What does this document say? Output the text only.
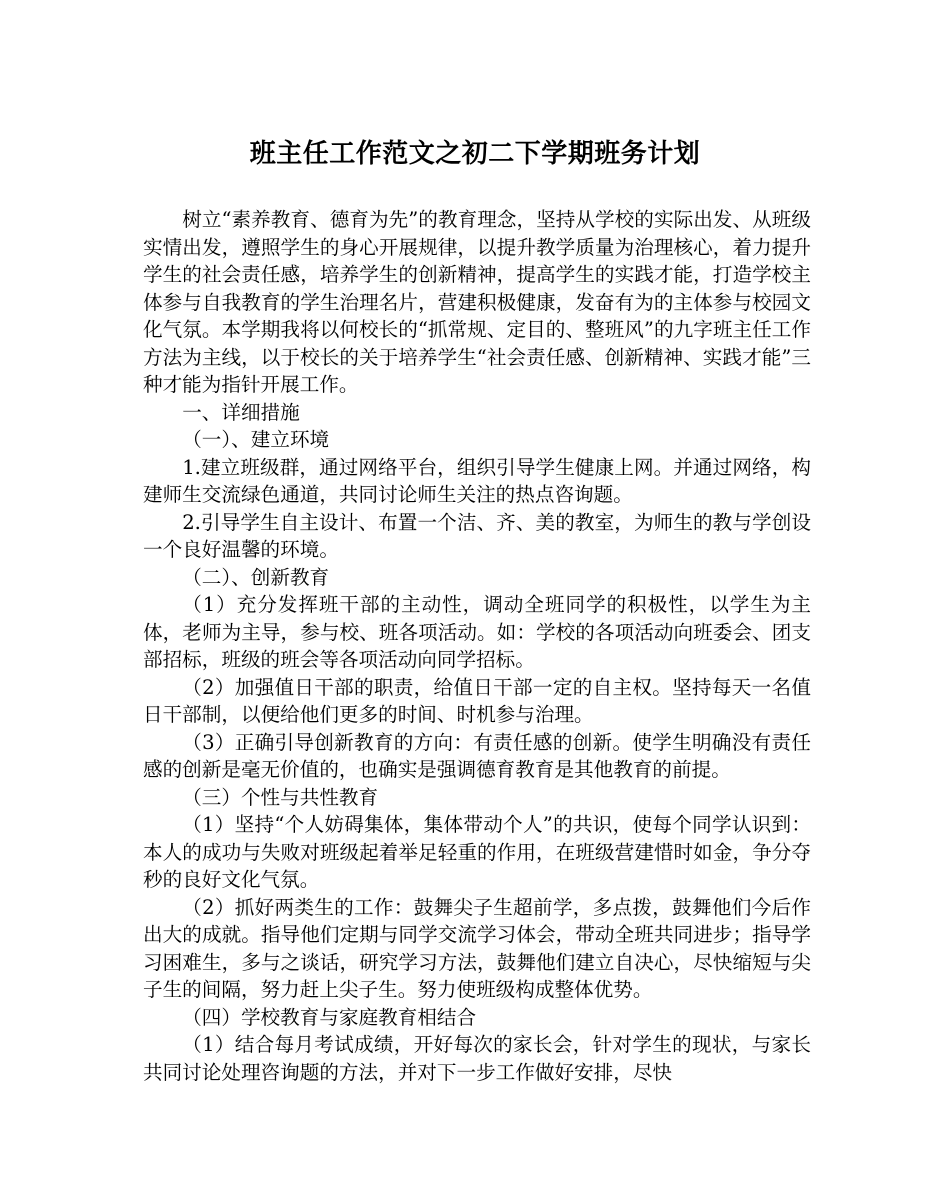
班主任工作范文之初二下学期班务计划

树立“素养教育、德育为先”的教育理念，坚持从学校的实际出发、从班级实情出发，遵照学生的身心开展规律，以提升教学质量为治理核心，着力提升学生的社会责任感，培养学生的创新精神，提高学生的实践才能，打造学校主体参与自我教育的学生治理名片，营建积极健康，发奋有为的主体参与校园文化气氛。本学期我将以何校长的“抓常规、定目的、整班风”的九字班主任工作方法为主线，以于校长的关于培养学生“社会责任感、创新精神、实践才能”三种才能为指针开展工作。

一、详细措施

（一）、建立环境

1.建立班级群，通过网络平台，组织引导学生健康上网。并通过网络，构建师生交流绿色通道，共同讨论师生关注的热点咨询题。

2.引导学生自主设计、布置一个洁、齐、美的教室，为师生的教与学创设一个良好温馨的环境。

（二）、创新教育

（1）充分发挥班干部的主动性，调动全班同学的积极性，以学生为主体，老师为主导，参与校、班各项活动。如：学校的各项活动向班委会、团支部招标，班级的班会等各项活动向同学招标。

（2）加强值日干部的职责，给值日干部一定的自主权。坚持每天一名值日干部制，以便给他们更多的时间、时机参与治理。

（3）正确引导创新教育的方向：有责任感的创新。使学生明确没有责任感的创新是毫无价值的，也确实是强调德育教育是其他教育的前提。

（三）个性与共性教育

（1）坚持“个人妨碍集体，集体带动个人”的共识，使每个同学认识到：本人的成功与失败对班级起着举足轻重的作用，在班级营建惜时如金，争分夺秒的良好文化气氛。

（2）抓好两类生的工作：鼓舞尖子生超前学，多点拨，鼓舞他们今后作出大的成就。指导他们定期与同学交流学习体会，带动全班共同进步；指导学习困难生，多与之谈话，研究学习方法，鼓舞他们建立自决心，尽快缩短与尖子生的间隔，努力赶上尖子生。努力使班级构成整体优势。

（四）学校教育与家庭教育相结合

（1）结合每月考试成绩，开好每次的家长会，针对学生的现状，与家长共同讨论处理咨询题的方法，并对下一步工作做好安排，尽快
